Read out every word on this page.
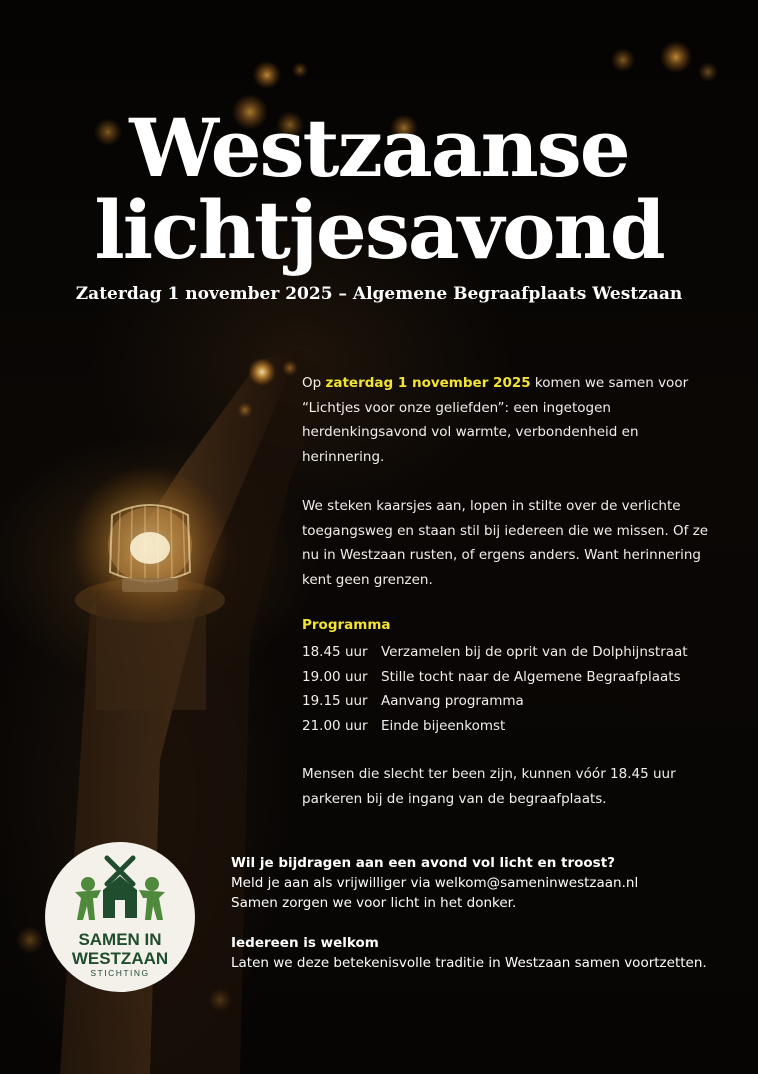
Westzaanse
lichtjesavond
Zaterdag 1 november 2025 – Algemene Begraafplaats Westzaan

Op zaterdag 1 november 2025 komen we samen voor “Lichtjes voor onze geliefden”: een ingetogen herdenkingsavond vol warmte, verbondenheid en herinnering.

We steken kaarsjes aan, lopen in stilte over de verlichte toegangsweg en staan stil bij iedereen die we missen. Of ze nu in Westzaan rusten, of ergens anders. Want herinnering kent geen grenzen.

Programma
18.45 uur Verzamelen bij de oprit van de Dolphijnstraat
19.00 uur Stille tocht naar de Algemene Begraafplaats
19.15 uur Aanvang programma
21.00 uur Einde bijeenkomst

Mensen die slecht ter been zijn, kunnen vóór 18.45 uur parkeren bij de ingang van de begraafplaats.

Wil je bijdragen aan een avond vol licht en troost?
Meld je aan als vrijwilliger via welkom@sameninwestzaan.nl
Samen zorgen we voor licht in het donker.
Iedereen is welkom
Laten we deze betekenisvolle traditie in Westzaan samen voortzetten.
SAMEN IN
WESTZAAN
STICHTING
